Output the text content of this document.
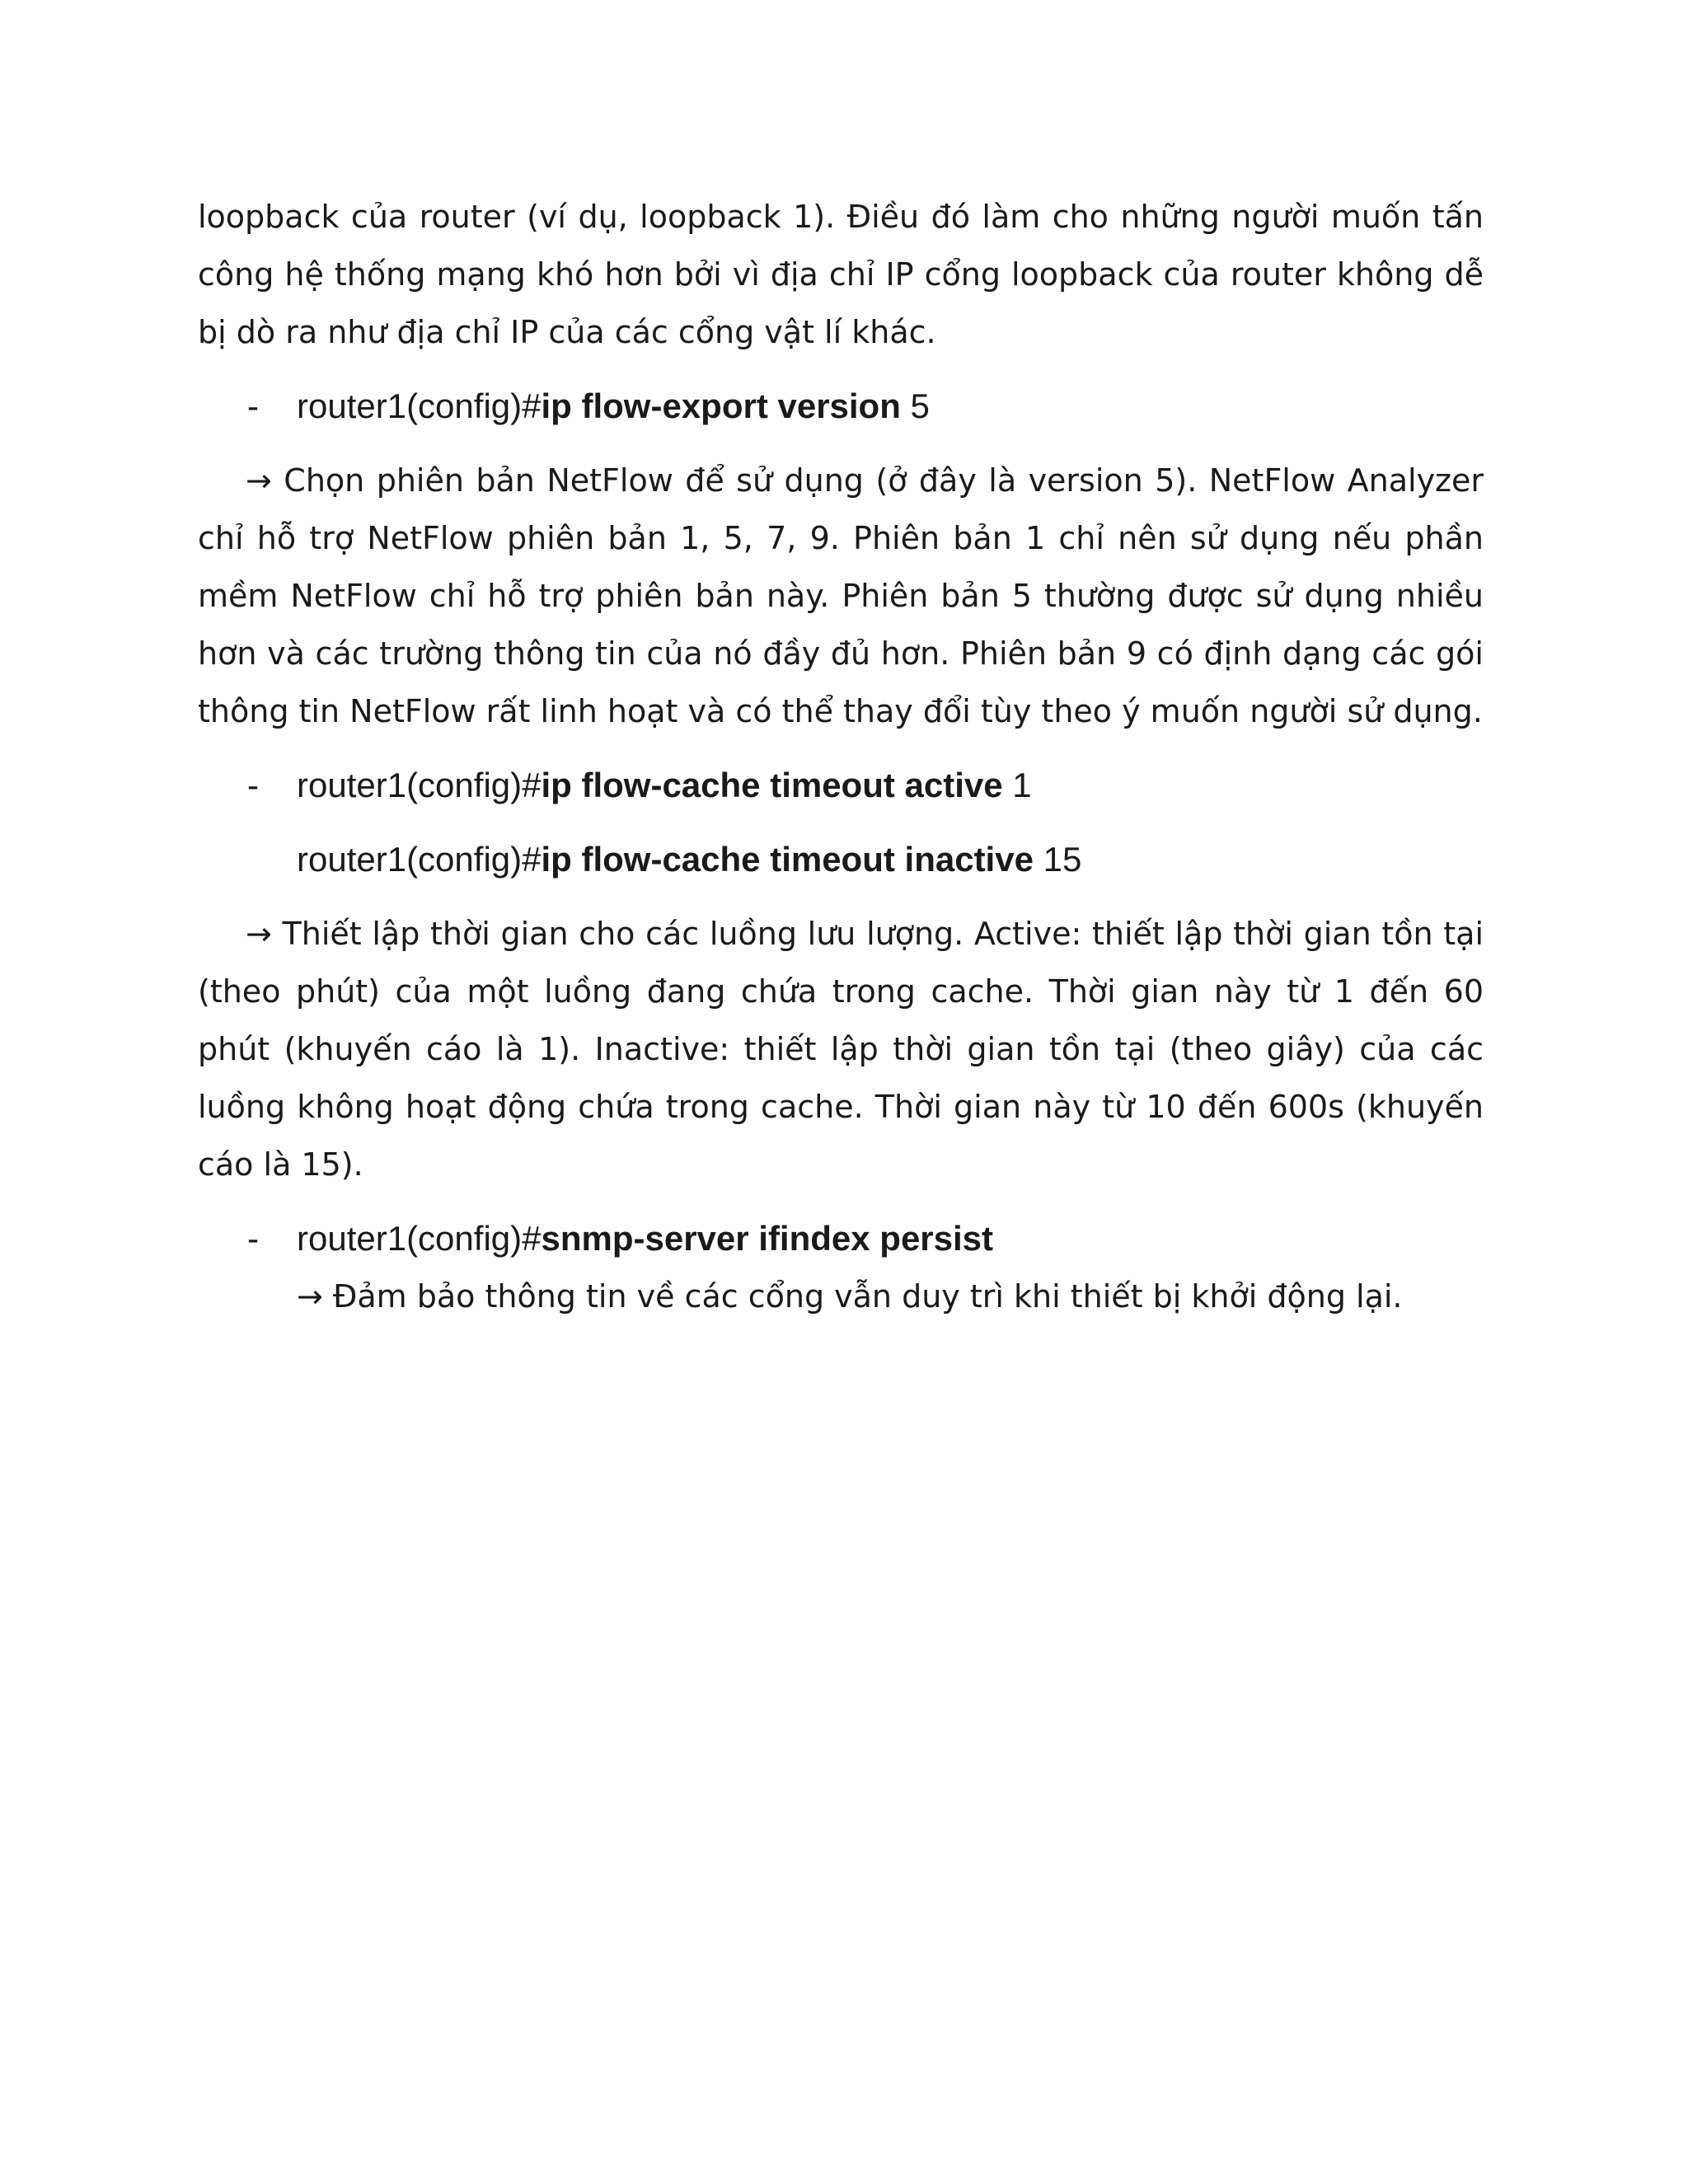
loopback của router (ví dụ, loopback 1). Điều đó làm cho những người muốn tấn công hệ thống mạng khó hơn bởi vì địa chỉ IP cổng loopback của router không dễ bị dò ra như địa chỉ IP của các cổng vật lí khác.

- router1(config)#ip flow-export version 5

→ Chọn phiên bản NetFlow để sử dụng (ở đây là version 5). NetFlow Analyzer chỉ hỗ trợ NetFlow phiên bản 1, 5, 7, 9. Phiên bản 1 chỉ nên sử dụng nếu phần mềm NetFlow chỉ hỗ trợ phiên bản này. Phiên bản 5 thường được sử dụng nhiều hơn và các trường thông tin của nó đầy đủ hơn. Phiên bản 9 có định dạng các gói thông tin NetFlow rất linh hoạt và có thể thay đổi tùy theo ý muốn người sử dụng.

- router1(config)#ip flow-cache timeout active 1

router1(config)#ip flow-cache timeout inactive 15

→ Thiết lập thời gian cho các luồng lưu lượng. Active: thiết lập thời gian tồn tại (theo phút) của một luồng đang chứa trong cache. Thời gian này từ 1 đến 60 phút (khuyến cáo là 1). Inactive: thiết lập thời gian tồn tại (theo giây) của các luồng không hoạt động chứa trong cache. Thời gian này từ 10 đến 600s (khuyến cáo là 15).

- router1(config)#snmp-server ifindex persist

→ Đảm bảo thông tin về các cổng vẫn duy trì khi thiết bị khởi động lại.
